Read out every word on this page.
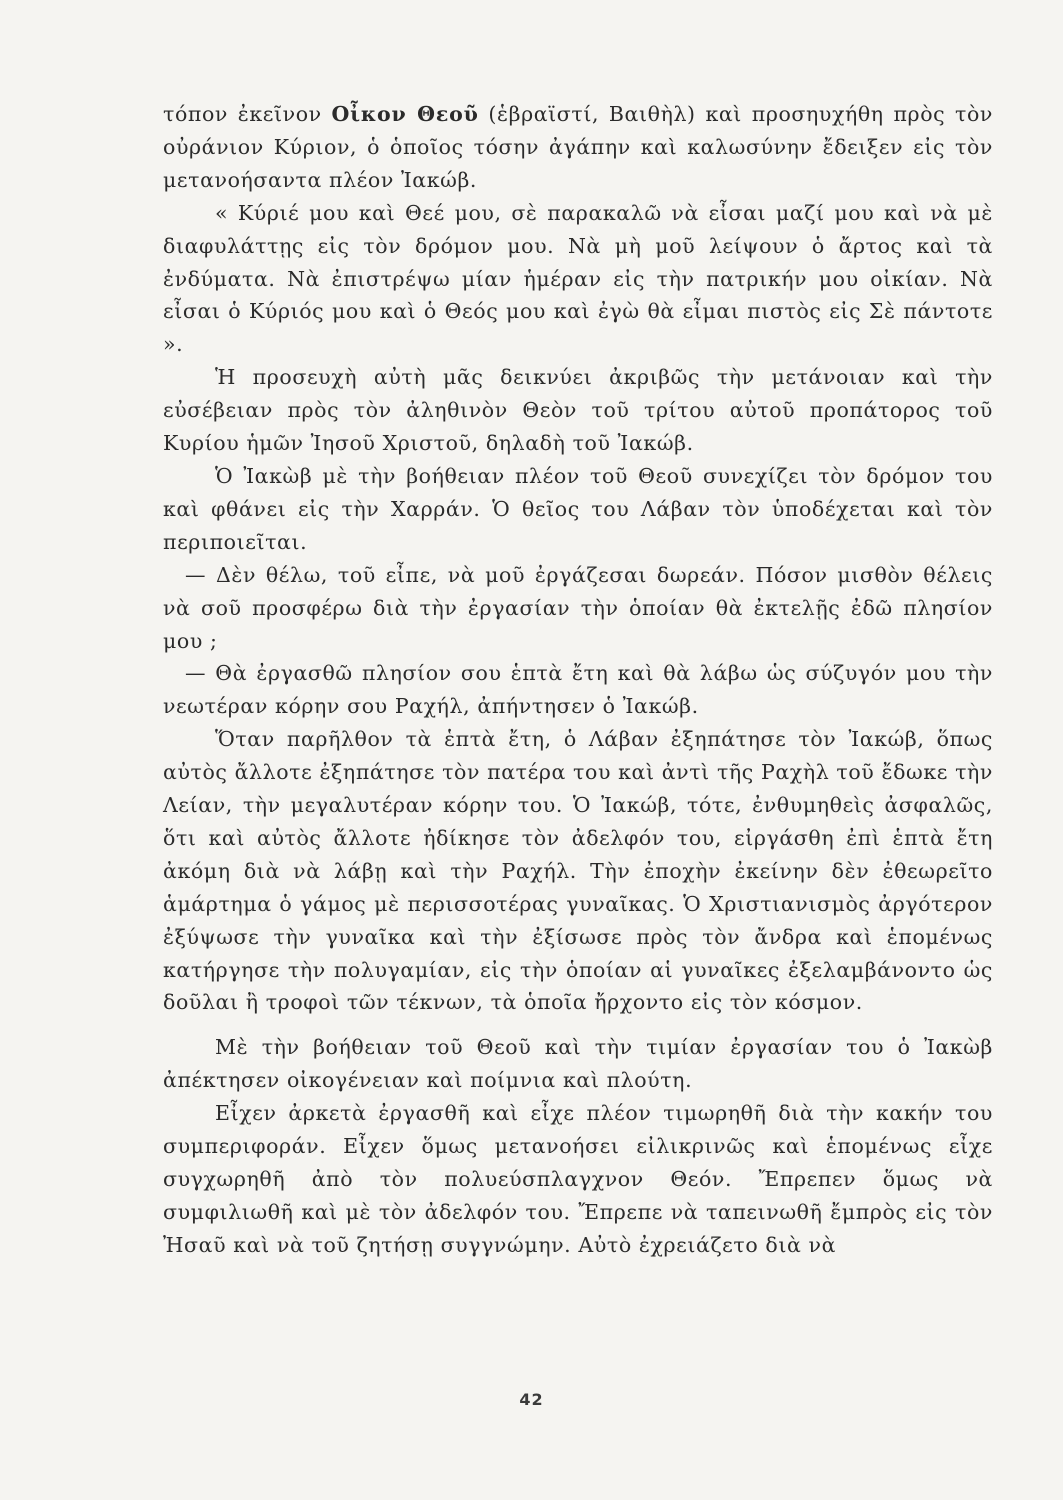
τόπον ἐκεῖνον Οἶκον Θεοῦ (ἑβραϊστί, Βαιθὴλ) καὶ προσηυχήθη πρὸς τὸν οὐράνιον Κύριον, ὁ ὁποῖος τόσην ἀγάπην καὶ καλωσύνην ἔδειξεν εἰς τὸν μετανοήσαντα πλέον Ἰακώβ.

« Κύριέ μου καὶ Θεέ μου, σὲ παρακαλῶ νὰ εἶσαι μαζί μου καὶ νὰ μὲ διαφυλάττῃς εἰς τὸν δρόμον μου. Νὰ μὴ μοῦ λείψουν ὁ ἄρτος καὶ τὰ ἐνδύματα. Νὰ ἐπιστρέψω μίαν ἡμέραν εἰς τὴν πατρικήν μου οἰκίαν. Νὰ εἶσαι ὁ Κύριός μου καὶ ὁ Θεός μου καὶ ἐγὼ θὰ εἶμαι πιστὸς εἰς Σὲ πάντοτε ».

Ἡ προσευχὴ αὐτὴ μᾶς δεικνύει ἀκριβῶς τὴν μετάνοιαν καὶ τὴν εὐσέβειαν πρὸς τὸν ἀληθινὸν Θεὸν τοῦ τρίτου αὐτοῦ προπάτορος τοῦ Κυρίου ἡμῶν Ἰησοῦ Χριστοῦ, δηλαδὴ τοῦ Ἰακώβ.

Ὁ Ἰακὼβ μὲ τὴν βοήθειαν πλέον τοῦ Θεοῦ συνεχίζει τὸν δρόμον του καὶ φθάνει εἰς τὴν Χαρράν. Ὁ θεῖος του Λάβαν τὸν ὑποδέχεται καὶ τὸν περιποιεῖται.

— Δὲν θέλω, τοῦ εἶπε, νὰ μοῦ ἐργάζεσαι δωρεάν. Πόσον μισθὸν θέλεις νὰ σοῦ προσφέρω διὰ τὴν ἐργασίαν τὴν ὁποίαν θὰ ἐκτελῇς ἐδῶ πλησίον μου ;

— Θὰ ἐργασθῶ πλησίον σου ἑπτὰ ἔτη καὶ θὰ λάβω ὡς σύζυγόν μου τὴν νεωτέραν κόρην σου Ραχήλ, ἀπήντησεν ὁ Ἰακώβ.

Ὅταν παρῆλθον τὰ ἑπτὰ ἔτη, ὁ Λάβαν ἐξηπάτησε τὸν Ἰακώβ, ὅπως αὐτὸς ἄλλοτε ἐξηπάτησε τὸν πατέρα του καὶ ἀντὶ τῆς Ραχὴλ τοῦ ἔδωκε τὴν Λείαν, τὴν μεγαλυτέραν κόρην του. Ὁ Ἰακώβ, τότε, ἐνθυμηθεὶς ἀσφαλῶς, ὅτι καὶ αὐτὸς ἄλλοτε ἠδίκησε τὸν ἀδελφόν του, εἰργάσθη ἐπὶ ἑπτὰ ἔτη ἀκόμη διὰ νὰ λάβῃ καὶ τὴν Ραχήλ. Τὴν ἐποχὴν ἐκείνην δὲν ἐθεωρεῖτο ἁμάρτημα ὁ γάμος μὲ περισσοτέρας γυναῖκας. Ὁ Χριστιανισμὸς ἀργότερον ἐξύψωσε τὴν γυναῖκα καὶ τὴν ἐξίσωσε πρὸς τὸν ἄνδρα καὶ ἑπομένως κατήργησε τὴν πολυγαμίαν, εἰς τὴν ὁποίαν αἱ γυναῖκες ἐξελαμβάνοντο ὡς δοῦλαι ἢ τροφοὶ τῶν τέκνων, τὰ ὁποῖα ἤρχοντο εἰς τὸν κόσμον.

Μὲ τὴν βοήθειαν τοῦ Θεοῦ καὶ τὴν τιμίαν ἐργασίαν του ὁ Ἰακὼβ ἀπέκτησεν οἰκογένειαν καὶ ποίμνια καὶ πλούτη.

Εἶχεν ἀρκετὰ ἐργασθῆ καὶ εἶχε πλέον τιμωρηθῆ διὰ τὴν κακήν του συμπεριφοράν. Εἶχεν ὅμως μετανοήσει εἰλικρινῶς καὶ ἑπομένως εἶχε συγχωρηθῆ ἀπὸ τὸν πολυεύσπλαγχνον Θεόν. Ἔπρεπεν ὅμως νὰ συμφιλιωθῆ καὶ μὲ τὸν ἀδελφόν του. Ἔπρεπε νὰ ταπεινωθῆ ἔμπρὸς εἰς τὸν Ἠσαῦ καὶ νὰ τοῦ ζητήσῃ συγγνώμην. Αὐτὸ ἐχρειάζετο διὰ νὰ

42
